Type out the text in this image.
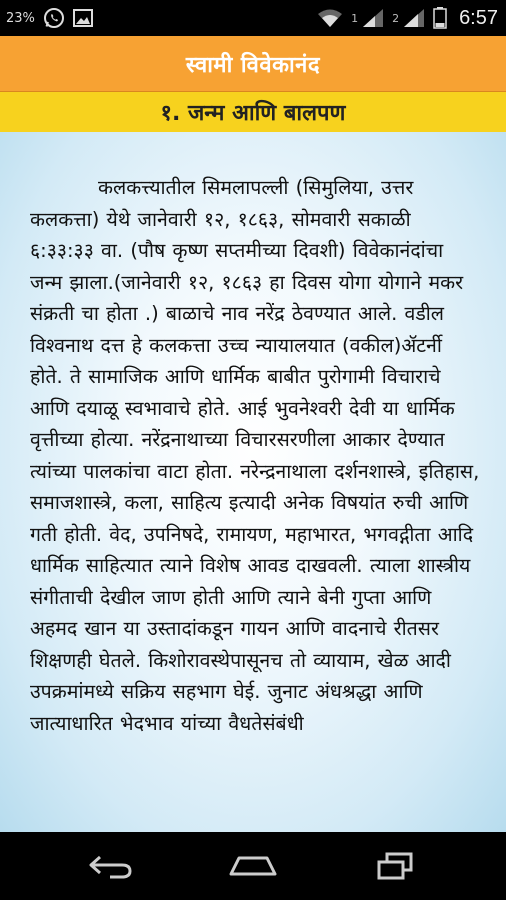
23%	1	2	6:57
स्वामी विवेकानंद
१. जन्म आणि बालपण

कलकत्त्यातील सिमलापल्ली (सिमुलिया, उत्तर कलकत्ता) येथे जानेवारी १२, १८६३, सोमवारी सकाळी ६:३३:३३ वा. (पौष कृष्ण सप्तमीच्या दिवशी) विवेकानंदांचा जन्म झाला.(जानेवारी १२, १८६३ हा दिवस योगा योगाने मकर संक्रती चा होता .) बाळाचे नाव नरेंद्र ठेवण्यात आले. वडील विश्वनाथ दत्त हे कलकत्ता उच्च न्यायालयात (वकील)ॲटर्नी होते. ते सामाजिक आणि धार्मिक बाबीत पुरोगामी विचाराचे आणि दयाळू स्वभावाचे होते. आई भुवनेश्वरी देवी या धार्मिक वृत्तीच्या होत्या. नरेंद्रनाथाच्या विचारसरणीला आकार देण्यात त्यांच्या पालकांचा वाटा होता. नरेन्द्रनाथाला दर्शनशास्त्रे, इतिहास, समाजशास्त्रे, कला, साहित्य इत्यादी अनेक विषयांत रुची आणि गती होती. वेद, उपनिषदे, रामायण, महाभारत, भगवद्गीता आदि धार्मिक साहित्यात त्याने विशेष आवड दाखवली. त्याला शास्त्रीय संगीताची देखील जाण होती आणि त्याने बेनी गुप्ता आणि अहमद खान या उस्तादांकडून गायन आणि वादनाचे रीतसर शिक्षणही घेतले. किशोरावस्थेपासूनच तो व्यायाम, खेळ आदी उपक्रमांमध्ये सक्रिय सहभाग घेई. जुनाट अंधश्रद्धा आणि जात्याधारित भेदभाव यांच्या वैधतेसंबंधी
